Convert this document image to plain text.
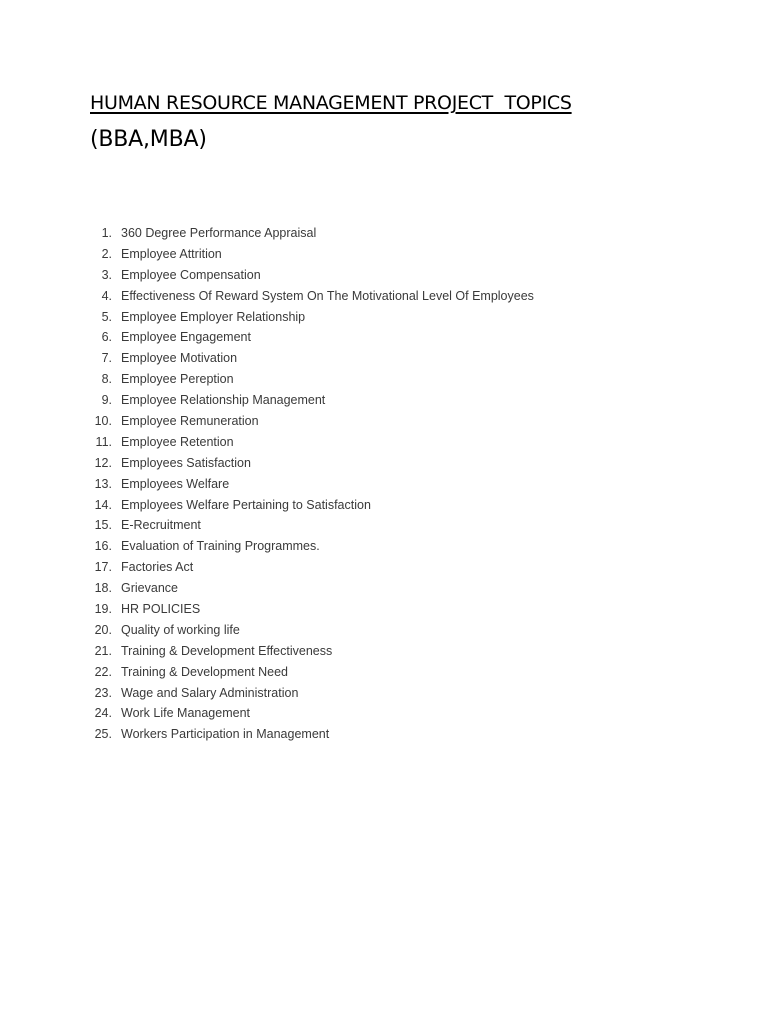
HUMAN RESOURCE MANAGEMENT PROJECT  TOPICS
(BBA,MBA)
1. 360 Degree Performance Appraisal
2. Employee Attrition
3. Employee Compensation
4. Effectiveness Of Reward System On The Motivational Level Of Employees
5. Employee Employer Relationship
6. Employee Engagement
7. Employee Motivation
8. Employee Pereption
9. Employee Relationship Management
10. Employee Remuneration
11. Employee Retention
12. Employees Satisfaction
13. Employees Welfare
14. Employees Welfare Pertaining to Satisfaction
15. E-Recruitment
16. Evaluation of Training Programmes.
17. Factories Act
18. Grievance
19. HR POLICIES
20. Quality of working life
21. Training & Development Effectiveness
22. Training & Development Need
23. Wage and Salary Administration
24. Work Life Management
25. Workers Participation in Management
